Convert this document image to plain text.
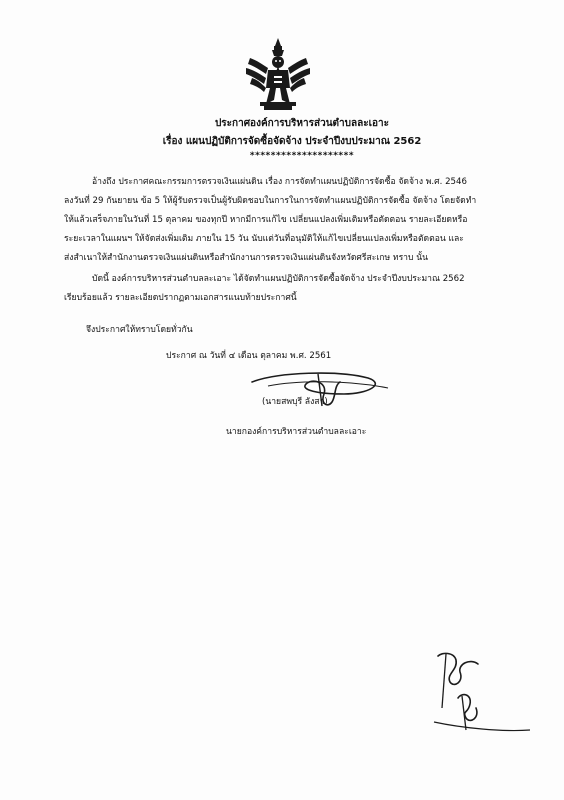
ประกาศองค์การบริหารส่วนตำบลละเอาะ
เรื่อง แผนปฏิบัติการจัดซื้อจัดจ้าง ประจำปีงบประมาณ 2562
********************
อ้างถึง ประกาศคณะกรรมการตรวจเงินแผ่นดิน เรื่อง การจัดทำแผนปฏิบัติการจัดซื้อ จัดจ้าง พ.ศ. 2546
ลงวันที่ 29 กันยายน ข้อ 5 ให้ผู้รับตรวจเป็นผู้รับผิดชอบในการในการจัดทำแผนปฏิบัติการจัดซื้อ จัดจ้าง โดยจัดทำ
ให้แล้วเสร็จภายในวันที่ 15 ตุลาคม ของทุกปี หากมีการแก้ไข เปลี่ยนแปลงเพิ่มเติมหรือตัดตอน รายละเอียดหรือ
ระยะเวลาในแผนฯ ให้จัดส่งเพิ่มเติม ภายใน 15 วัน นับแต่วันที่อนุมัติให้แก้ไขเปลี่ยนแปลงเพิ่มหรือตัดตอน และ
ส่งสำเนาให้สำนักงานตรวจเงินแผ่นดินหรือสำนักงานการตรวจเงินแผ่นดินจังหวัดศรีสะเกษ ทราบ นั้น
บัดนี้ องค์การบริหารส่วนตำบลละเอาะ ได้จัดทำแผนปฏิบัติการจัดซื้อจัดจ้าง ประจำปีงบประมาณ 2562
เรียบร้อยแล้ว รายละเอียดปรากฏตามเอกสารแนบท้ายประกาศนี้
จึงประกาศให้ทราบโดยทั่วกัน
ประกาศ ณ วันที่ ๔ เดือน ตุลาคม พ.ศ. 2561
(นายสพบุรี ลังสา)
นายกองค์การบริหารส่วนตำบลละเอาะ
